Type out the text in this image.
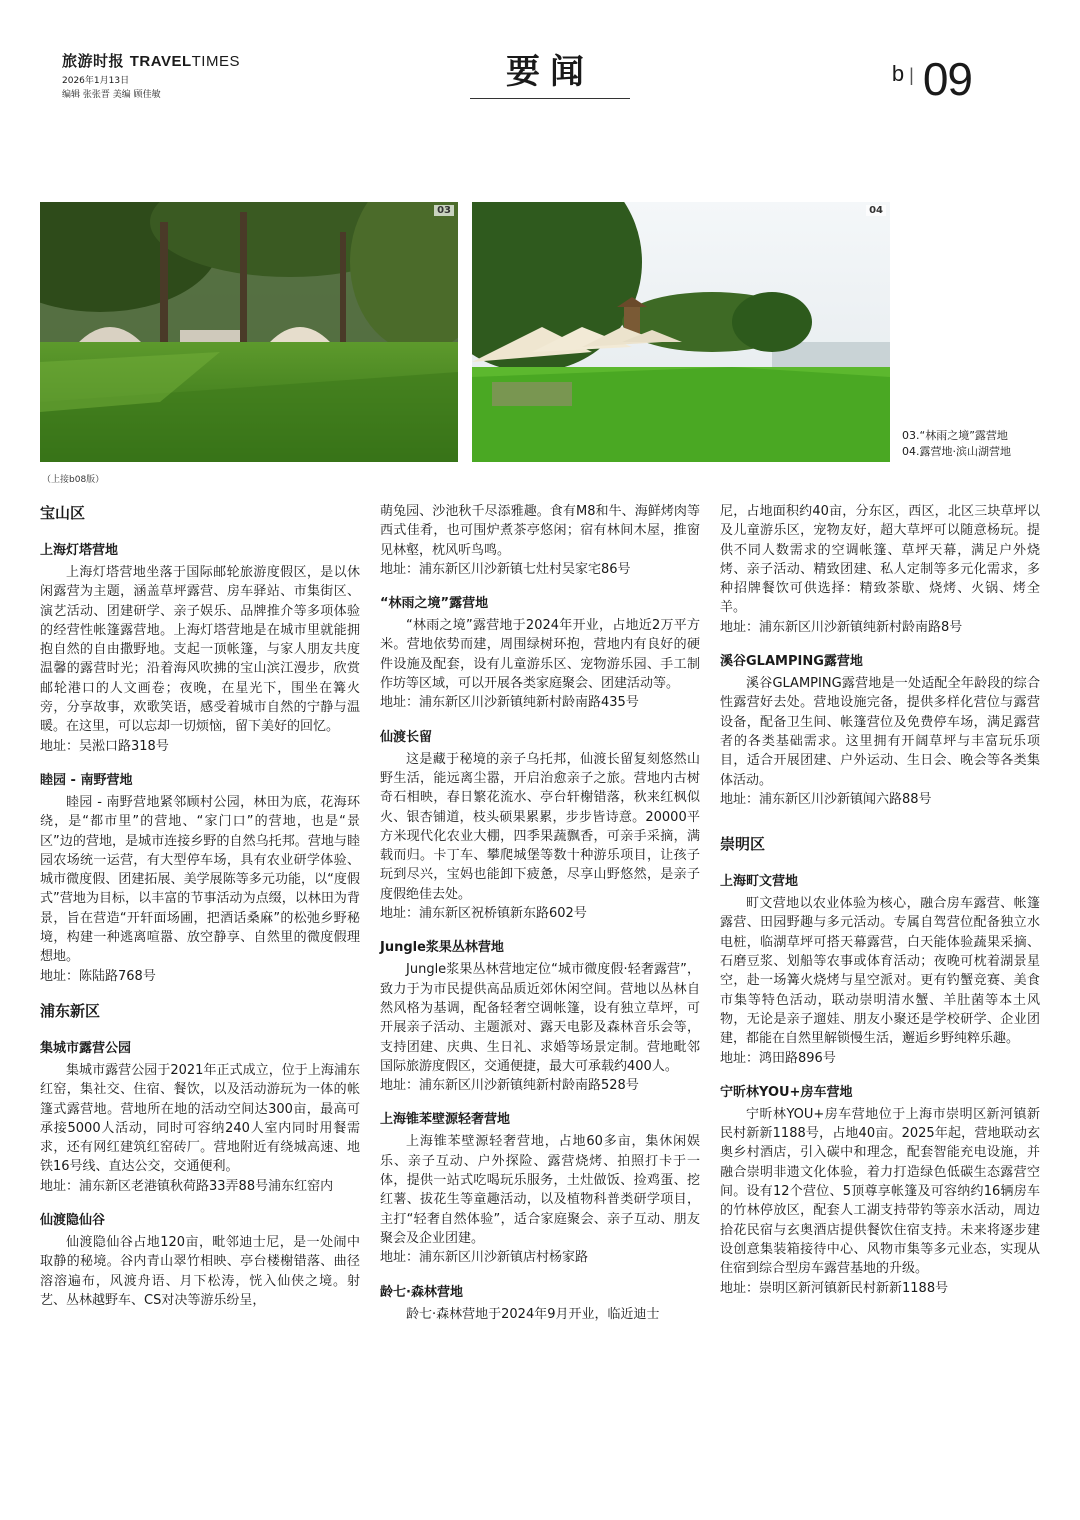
旅游时报 TRAVELTIMES
2026年1月13日
编辑 张张晋 美编 顾佳敏
要闻	$^b$ | 09
03	04
03.“林雨之境”露营地
04.露营地·滨山湖营地
（上接b08版）
宝山区
上海灯塔营地

上海灯塔营地坐落于国际邮轮旅游度假区，是以休闲露营为主题，涵盖草坪露营、房车驿站、市集街区、演艺活动、团建研学、亲子娱乐、品牌推介等多项体验的经营性帐篷露营地。上海灯塔营地是在城市里就能拥抱自然的自由撒野地。支起一顶帐篷，与家人朋友共度温馨的露营时光；沿着海风吹拂的宝山滨江漫步，欣赏邮轮港口的人文画卷；夜晚，在星光下，围坐在篝火旁，分享故事，欢歌笑语，感受着城市自然的宁静与温暖。在这里，可以忘却一切烦恼，留下美好的回忆。

地址：吴淞口路318号

睦园 - 南野营地

睦园 - 南野营地紧邻顾村公园，林田为底，花海环绕，是“都市里”的营地、“家门口”的营地，也是“景区”边的营地，是城市连接乡野的自然乌托邦。营地与睦园农场统一运营，有大型停车场，具有农业研学体验、城市微度假、团建拓展、美学展陈等多元功能，以“度假式”营地为目标，以丰富的节事活动为点缀，以林田为背景，旨在营造“开轩面场圃，把酒话桑麻”的松弛乡野秘境，构建一种逃离喧嚣、放空静享、自然里的微度假理想地。

地址：陈陆路768号

浦东新区
集城市露营公园

集城市露营公园于2021年正式成立，位于上海浦东红窑，集社交、住宿、餐饮，以及活动游玩为一体的帐篷式露营地。营地所在地的活动空间达300亩，最高可承接5000人活动，同时可容纳240人室内同时用餐需求，还有网红建筑红窑砖厂。营地附近有绕城高速、地铁16号线、直达公交，交通便利。

地址：浦东新区老港镇秋荷路33弄88号浦东红窑内

仙渡隐仙谷

仙渡隐仙谷占地120亩，毗邻迪士尼，是一处闹中取静的秘境。谷内青山翠竹相映、亭台楼榭错落、曲径溶溶遍布，风渡舟语、月下松涛，恍入仙侠之境。射艺、丛林越野车、CS对决等游乐纷呈，

萌兔园、沙池秋千尽添雅趣。食有M8和牛、海鲜烤肉等西式佳肴，也可围炉煮茶亭悠闲；宿有林间木屋，推窗见林壑，枕风听鸟鸣。

地址：浦东新区川沙新镇七灶村吴家宅86号

“林雨之境”露营地

“林雨之境”露营地于2024年开业，占地近2万平方米。营地依势而建，周围绿树环抱，营地内有良好的硬件设施及配套，设有儿童游乐区、宠物游乐园、手工制作坊等区域，可以开展各类家庭聚会、团建活动等。

地址：浦东新区川沙新镇纯新村龄南路435号

仙渡长留

这是藏于秘境的亲子乌托邦，仙渡长留复刻悠然山野生活，能远离尘嚣，开启治愈亲子之旅。营地内古树奇石相映，春日繁花流水、亭台轩榭错落，秋来红枫似火、银杏铺道，枝头硕果累累，步步皆诗意。20000平方米现代化农业大棚，四季果蔬飘香，可亲手采摘，满载而归。卡丁车、攀爬城堡等数十种游乐项目，让孩子玩到尽兴，宝妈也能卸下疲惫，尽享山野悠然，是亲子度假绝佳去处。

地址：浦东新区祝桥镇新东路602号

Jungle浆果丛林营地

Jungle浆果丛林营地定位“城市微度假·轻奢露营”，致力于为市民提供高品质近郊休闲空间。营地以丛林自然风格为基调，配备轻奢空调帐篷，设有独立草坪，可开展亲子活动、主题派对、露天电影及森林音乐会等，支持团建、庆典、生日礼、求婚等场景定制。营地毗邻国际旅游度假区，交通便捷，最大可承载约400人。

地址：浦东新区川沙新镇纯新村龄南路528号

上海锥苯壁源轻奢营地

上海锥苯壁源轻奢营地，占地60多亩，集休闲娱乐、亲子互动、户外探险、露营烧烤、拍照打卡于一体，提供一站式吃喝玩乐服务，土灶做饭、捡鸡蛋、挖红薯、拔花生等童趣活动，以及植物科普类研学项目，主打“轻奢自然体验”，适合家庭聚会、亲子互动、朋友聚会及企业团建。

地址：浦东新区川沙新镇店村杨家路

龄七·森林营地

龄七·森林营地于2024年9月开业，临近迪士

尼，占地面积约40亩，分东区，西区，北区三块草坪以及儿童游乐区，宠物友好，超大草坪可以随意杨玩。提供不同人数需求的空调帐篷、草坪天幕，满足户外烧烤、亲子活动、精致团建、私人定制等多元化需求，多种招牌餐饮可供选择：精致茶歇、烧烤、火锅、烤全羊。

地址：浦东新区川沙新镇纯新村龄南路8号

溪谷GLAMPING露营地

溪谷GLAMPING露营地是一处适配全年龄段的综合性露营好去处。营地设施完备，提供多样化营位与露营设备，配备卫生间、帐篷营位及免费停车场，满足露营者的各类基础需求。这里拥有开阔草坪与丰富玩乐项目，适合开展团建、户外运动、生日会、晚会等各类集体活动。

地址：浦东新区川沙新镇闻六路88号

崇明区
上海町文营地

町文营地以农业体验为核心，融合房车露营、帐篷露营、田园野趣与多元活动。专属自驾营位配备独立水电桩，临湖草坪可搭天幕露营，白天能体验蔬果采摘、石磨豆浆、划船等农事或体育活动；夜晚可枕着湖景星空，赴一场篝火烧烤与星空派对。更有钓蟹竞赛、美食市集等特色活动，联动崇明清水蟹、羊肚菌等本土风物，无论是亲子遛娃、朋友小聚还是学校研学、企业团建，都能在自然里解锁慢生活，邂逅乡野纯粹乐趣。

地址：鸿田路896号

宁昕林YOU+房车营地

宁昕林YOU+房车营地位于上海市崇明区新河镇新民村新新1188号，占地40亩。2025年起，营地联动玄奥乡村酒店，引入碳中和理念，配套智能充电设施，并融合崇明非遗文化体验，着力打造绿色低碳生态露营空间。设有12个营位、5顶尊享帐篷及可容纳约16辆房车的竹林停放区，配套人工湖支持带钓等亲水活动，周边拾花民宿与玄奥酒店提供餐饮住宿支持。未来将逐步建设创意集装箱接待中心、风物市集等多元业态，实现从住宿到综合型房车露营基地的升级。

地址：崇明区新河镇新民村新新1188号
